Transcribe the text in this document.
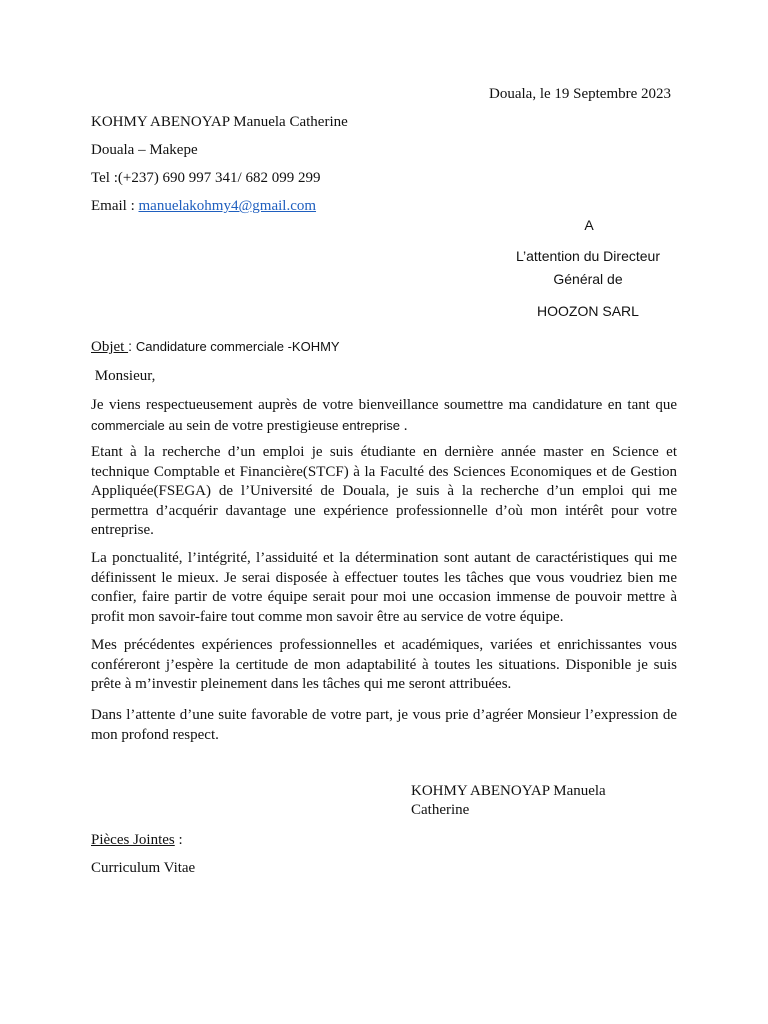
Douala, le 19 Septembre 2023
KOHMY ABENOYAP Manuela Catherine
Douala – Makepe
Tel :(+237) 690 997 341/ 682 099 299
Email : manuelakohmy4@gmail.com
A
L’attention du Directeur
Général de
HOOZON SARL
Objet : Candidature commerciale -KOHMY
Monsieur,
Je viens respectueusement auprès de votre bienveillance soumettre ma candidature en tant que commerciale au sein de votre prestigieuse entreprise .
Etant à la recherche d’un emploi je suis étudiante en dernière année master en Science et technique Comptable et Financière(STCF) à la Faculté des Sciences Economiques et de Gestion Appliquée(FSEGA) de l’Université de Douala, je suis à la recherche d’un emploi qui me permettra d’acquérir davantage une expérience professionnelle d’où mon intérêt pour votre entreprise.
La ponctualité, l’intégrité, l’assiduité et la détermination sont autant de caractéristiques qui me définissent le mieux. Je serai disposée à effectuer toutes les tâches que vous voudriez bien me confier, faire partir de votre équipe serait pour moi une occasion immense de pouvoir mettre à profit mon savoir-faire tout comme mon savoir être au service de votre équipe.
Mes précédentes expériences professionnelles et académiques, variées et enrichissantes vous conféreront j’espère la certitude de mon adaptabilité à toutes les situations. Disponible je suis prête à m’investir pleinement dans les tâches qui me seront attribuées.
Dans l’attente d’une suite favorable de votre part, je vous prie d’agréer Monsieur l’expression de mon profond respect.
KOHMY ABENOYAP Manuela
Catherine
Pièces Jointes :
Curriculum Vitae
